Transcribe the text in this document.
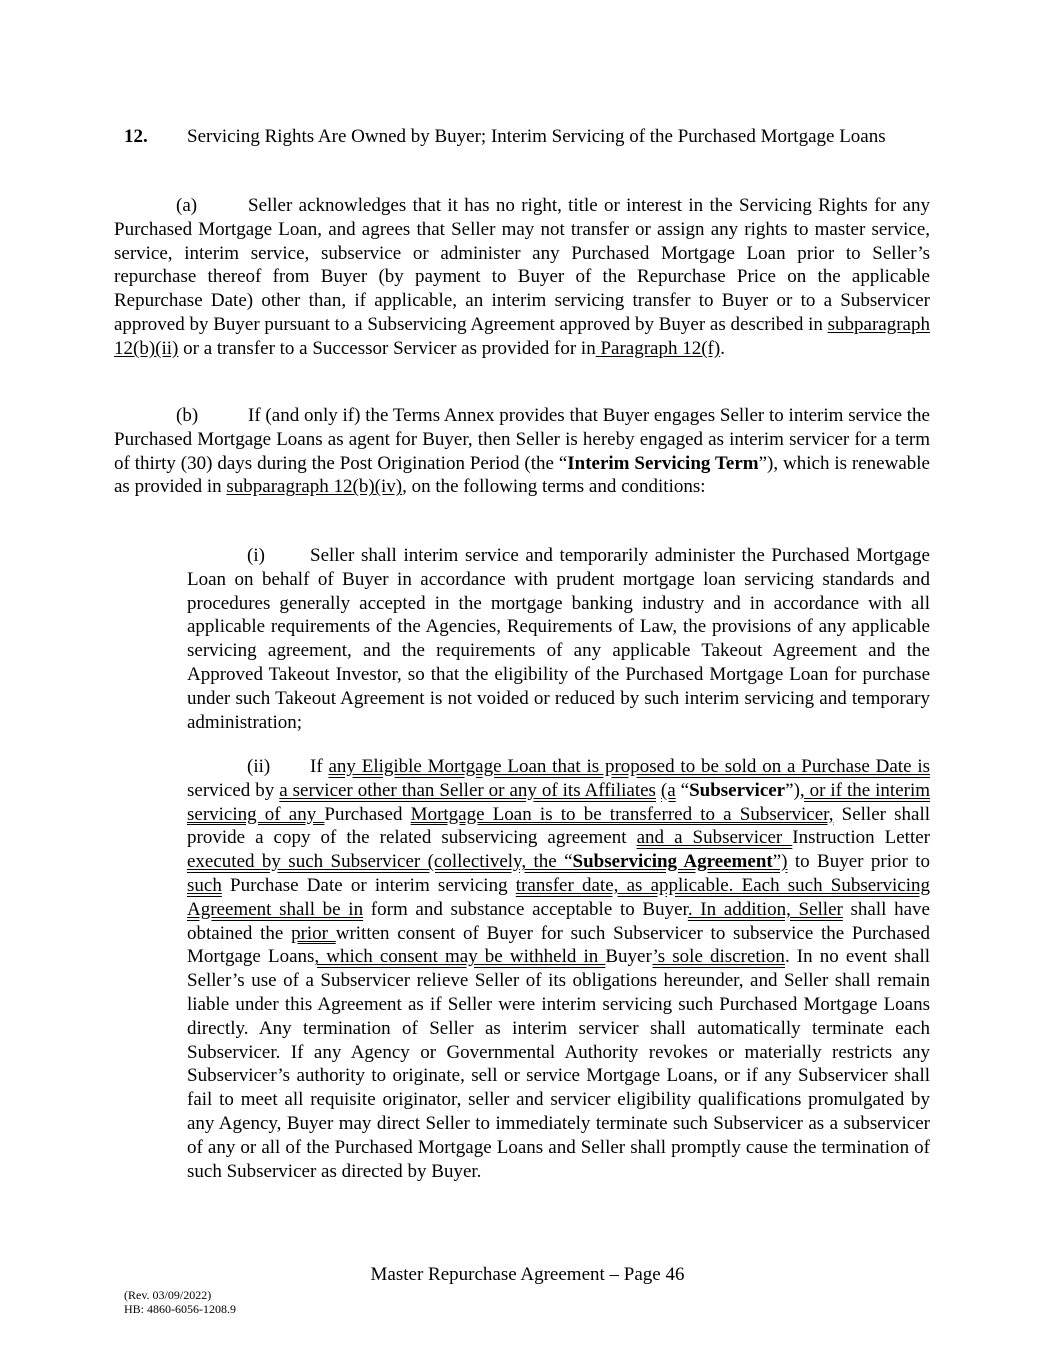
12. Servicing Rights Are Owned by Buyer; Interim Servicing of the Purchased Mortgage Loans

(a)	Seller acknowledges that it has no right, title or interest in the Servicing Rights for any Purchased Mortgage Loan, and agrees that Seller may not transfer or assign any rights to master service, service, interim service, subservice or administer any Purchased Mortgage Loan prior to Seller’s repurchase thereof from Buyer (by payment to Buyer of the Repurchase Price on the applicable Repurchase Date) other than, if applicable, an interim servicing transfer to Buyer or to a Subservicer approved by Buyer pursuant to a Subservicing Agreement approved by Buyer as described in subparagraph 12(b)(ii) or a transfer to a Successor Servicer as provided for in Paragraph 12(f).

(b)	If (and only if) the Terms Annex provides that Buyer engages Seller to interim service the Purchased Mortgage Loans as agent for Buyer, then Seller is hereby engaged as interim servicer for a term of thirty (30) days during the Post Origination Period (the “Interim Servicing Term”), which is renewable as provided in subparagraph 12(b)(iv), on the following terms and conditions:

(i) Seller shall interim service and temporarily administer the Purchased Mortgage Loan on behalf of Buyer in accordance with prudent mortgage loan servicing standards and procedures generally accepted in the mortgage banking industry and in accordance with all applicable requirements of the Agencies, Requirements of Law, the provisions of any applicable servicing agreement, and the requirements of any applicable Takeout Agreement and the Approved Takeout Investor, so that the eligibility of the Purchased Mortgage Loan for purchase under such Takeout Agreement is not voided or reduced by such interim servicing and temporary administration;

(ii) If any Eligible Mortgage Loan that is proposed to be sold on a Purchase Date is serviced by a servicer other than Seller or any of its Affiliates (a “Subservicer”), or if the interim servicing of any Purchased Mortgage Loan is to be transferred to a Subservicer, Seller shall provide a copy of the related subservicing agreement and a Subservicer Instruction Letter executed by such Subservicer (collectively, the “Subservicing Agreement”) to Buyer prior to such Purchase Date or interim servicing transfer date, as applicable. Each such Subservicing Agreement shall be in form and substance acceptable to Buyer. In addition, Seller shall have obtained the prior written consent of Buyer for such Subservicer to subservice the Purchased Mortgage Loans, which consent may be withheld in Buyer’s sole discretion. In no event shall Seller’s use of a Subservicer relieve Seller of its obligations hereunder, and Seller shall remain liable under this Agreement as if Seller were interim servicing such Purchased Mortgage Loans directly. Any termination of Seller as interim servicer shall automatically terminate each Subservicer. If any Agency or Governmental Authority revokes or materially restricts any Subservicer’s authority to originate, sell or service Mortgage Loans, or if any Subservicer shall fail to meet all requisite originator, seller and servicer eligibility qualifications promulgated by any Agency, Buyer may direct Seller to immediately terminate such Subservicer as a subservicer of any or all of the Purchased Mortgage Loans and Seller shall promptly cause the termination of such Subservicer as directed by Buyer.

Master Repurchase Agreement – Page 46
(Rev. 03/09/2022)
HB: 4860-6056-1208.9
